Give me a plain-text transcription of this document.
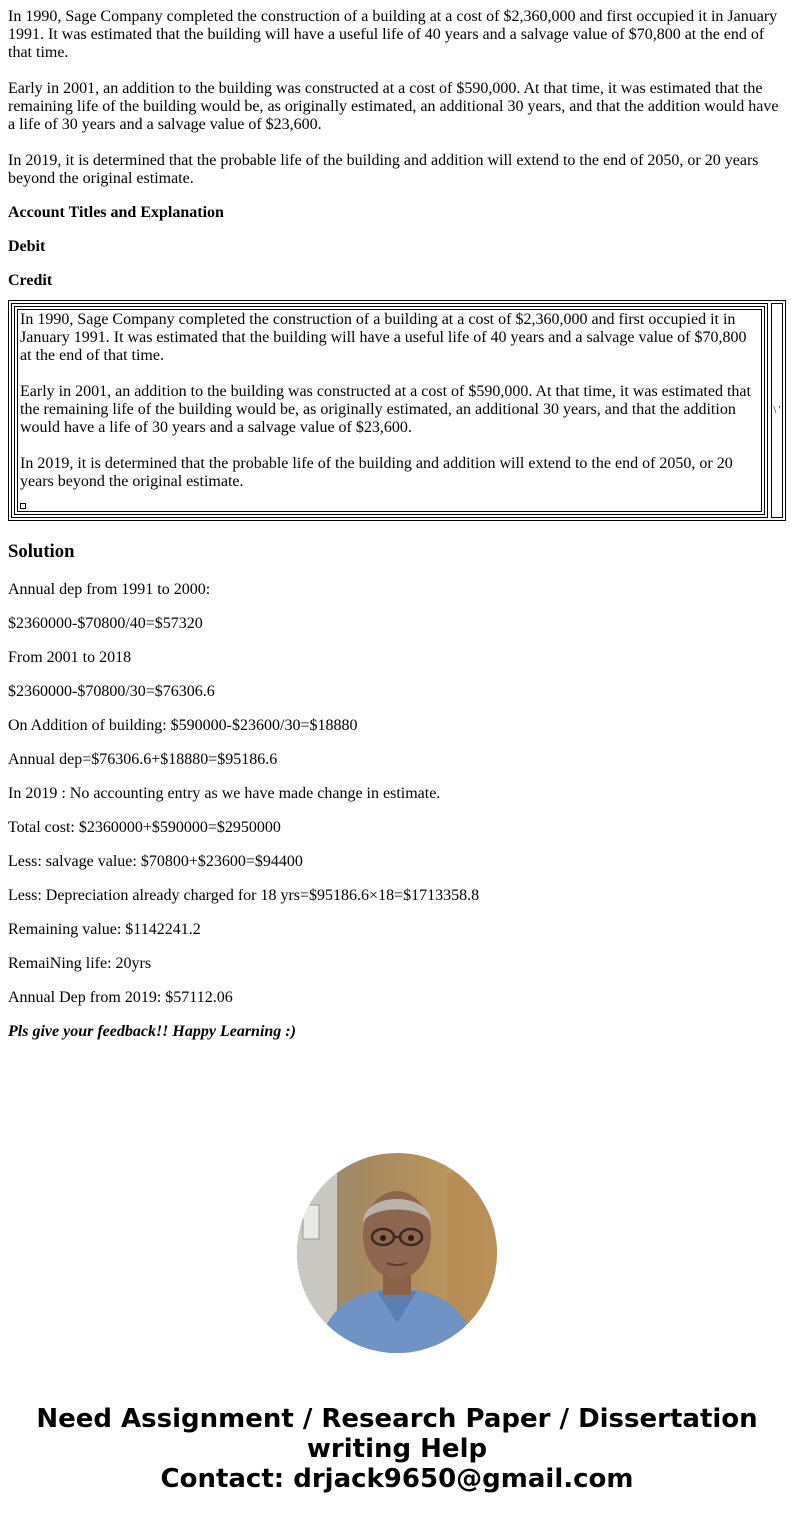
In 1990, Sage Company completed the construction of a building at a cost of $2,360,000 and first occupied it in January 1991. It was estimated that the building will have a useful life of 40 years and a salvage value of $70,800 at the end of that time.

Early in 2001, an addition to the building was constructed at a cost of $590,000. At that time, it was estimated that the remaining life of the building would be, as originally estimated, an additional 30 years, and that the addition would have a life of 30 years and a salvage value of $23,600.

In 2019, it is determined that the probable life of the building and addition will extend to the end of 2050, or 20 years beyond the original estimate.

Account Titles and Explanation

Debit

Credit

In 1990, Sage Company completed the construction of a building at a cost of $2,360,000 and first occupied it in January 1991. It was estimated that the building will have a useful life of 40 years and a salvage value of $70,800 at the end of that time.

Early in 2001, an addition to the building was constructed at a cost of $590,000. At that time, it was estimated that the remaining life of the building would be, as originally estimated, an additional 30 years, and that the addition would have a life of 30 years and a salvage value of $23,600.

In 2019, it is determined that the probable life of the building and addition will extend to the end of 2050, or 20 years beyond the original estimate.

\ '
Solution

Annual dep from 1991 to 2000:

$2360000-$70800/40=$57320

From 2001 to 2018

$2360000-$70800/30=$76306.6

On Addition of building: $590000-$23600/30=$18880

Annual dep=$76306.6+$18880=$95186.6

In 2019 : No accounting entry as we have made change in estimate.

Total cost: $2360000+$590000=$2950000

Less: salvage value: $70800+$23600=$94400

Less: Depreciation already charged for 18 yrs=$95186.6×18=$1713358.8

Remaining value: $1142241.2

RemaiNing life: 20yrs

Annual Dep from 2019: $57112.06

Pls give your feedback!! Happy Learning :)

Need Assignment / Research Paper / Dissertation
writing Help
Contact: drjack9650@gmail.com
